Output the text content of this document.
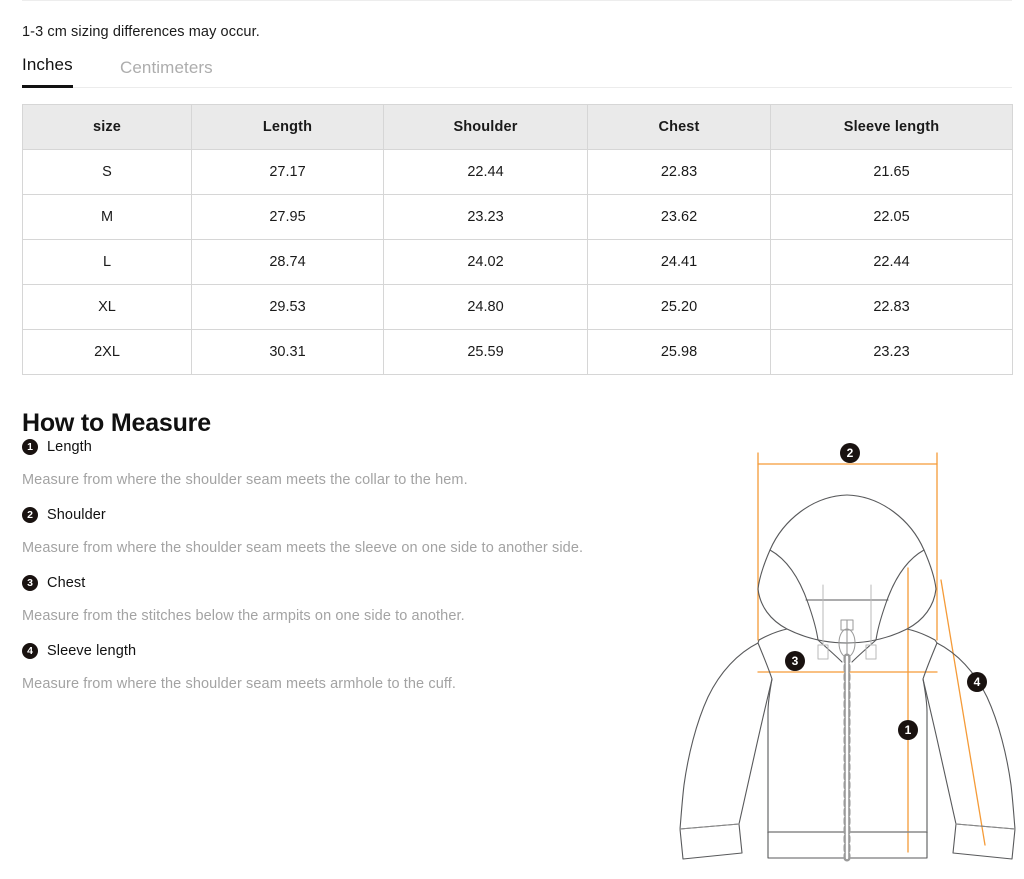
1-3 cm sizing differences may occur.
Inches	Centimeters
size	Length	Shoulder	Chest	Sleeve length
S	27.17	22.44	22.83	21.65
M	27.95	23.23	23.62	22.05
L	28.74	24.02	24.41	22.44
XL	29.53	24.80	25.20	22.83
2XL	30.31	25.59	25.98	23.23
How to Measure
1 Length
Measure from where the shoulder seam meets the collar to the hem.
2 Shoulder
Measure from where the shoulder seam meets the sleeve on one side to another side.
3 Chest
Measure from the stitches below the armpits on one side to another.
4 Sleeve length
Measure from where the shoulder seam meets armhole to the cuff.
1
2
3
4
